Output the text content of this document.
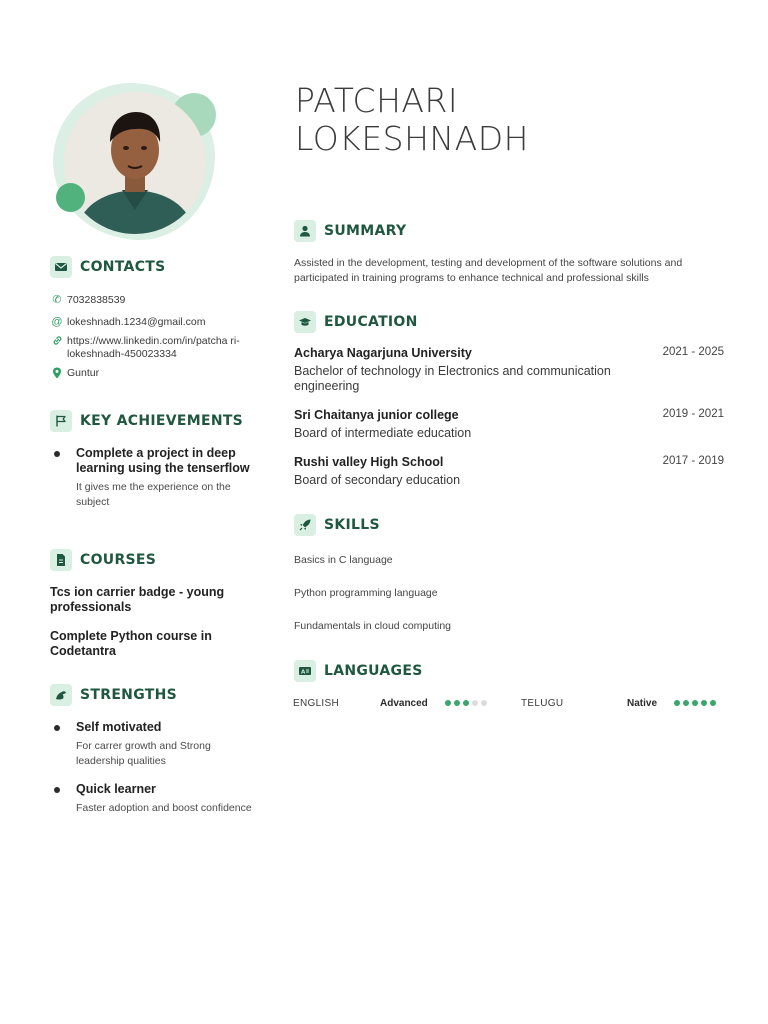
PATCHARI
LOKESHNADH
CONTACTS
✆ 7032838539
@ lokeshnadh.1234@gmail.com
https://www.linkedin.com/in/patcha ri-lokeshnadh-450023334
Guntur
KEY ACHIEVEMENTS
Complete a project in deep learning using the tenserflow
It gives me the experience on the subject
COURSES
Tcs ion carrier badge - young professionals
Complete Python course in Codetantra
STRENGTHS
Self motivated
For carrer growth and Strong leadership qualities
Quick learner
Faster adoption and boost confidence
SUMMARY
Assisted in the development, testing and development of the software solutions and participated in training programs to enhance technical and professional skills
EDUCATION
Acharya Nagarjuna University	2021 - 2025
Bachelor of technology in Electronics and communication engineering
Sri Chaitanya junior college	2019 - 2021
Board of intermediate education
Rushi valley High School	2017 - 2019
Board of secondary education
SKILLS
Basics in C language
Python programming language
Fundamentals in cloud computing
A LANGUAGES
ENGLISH	Advanced	TELUGU	Native
